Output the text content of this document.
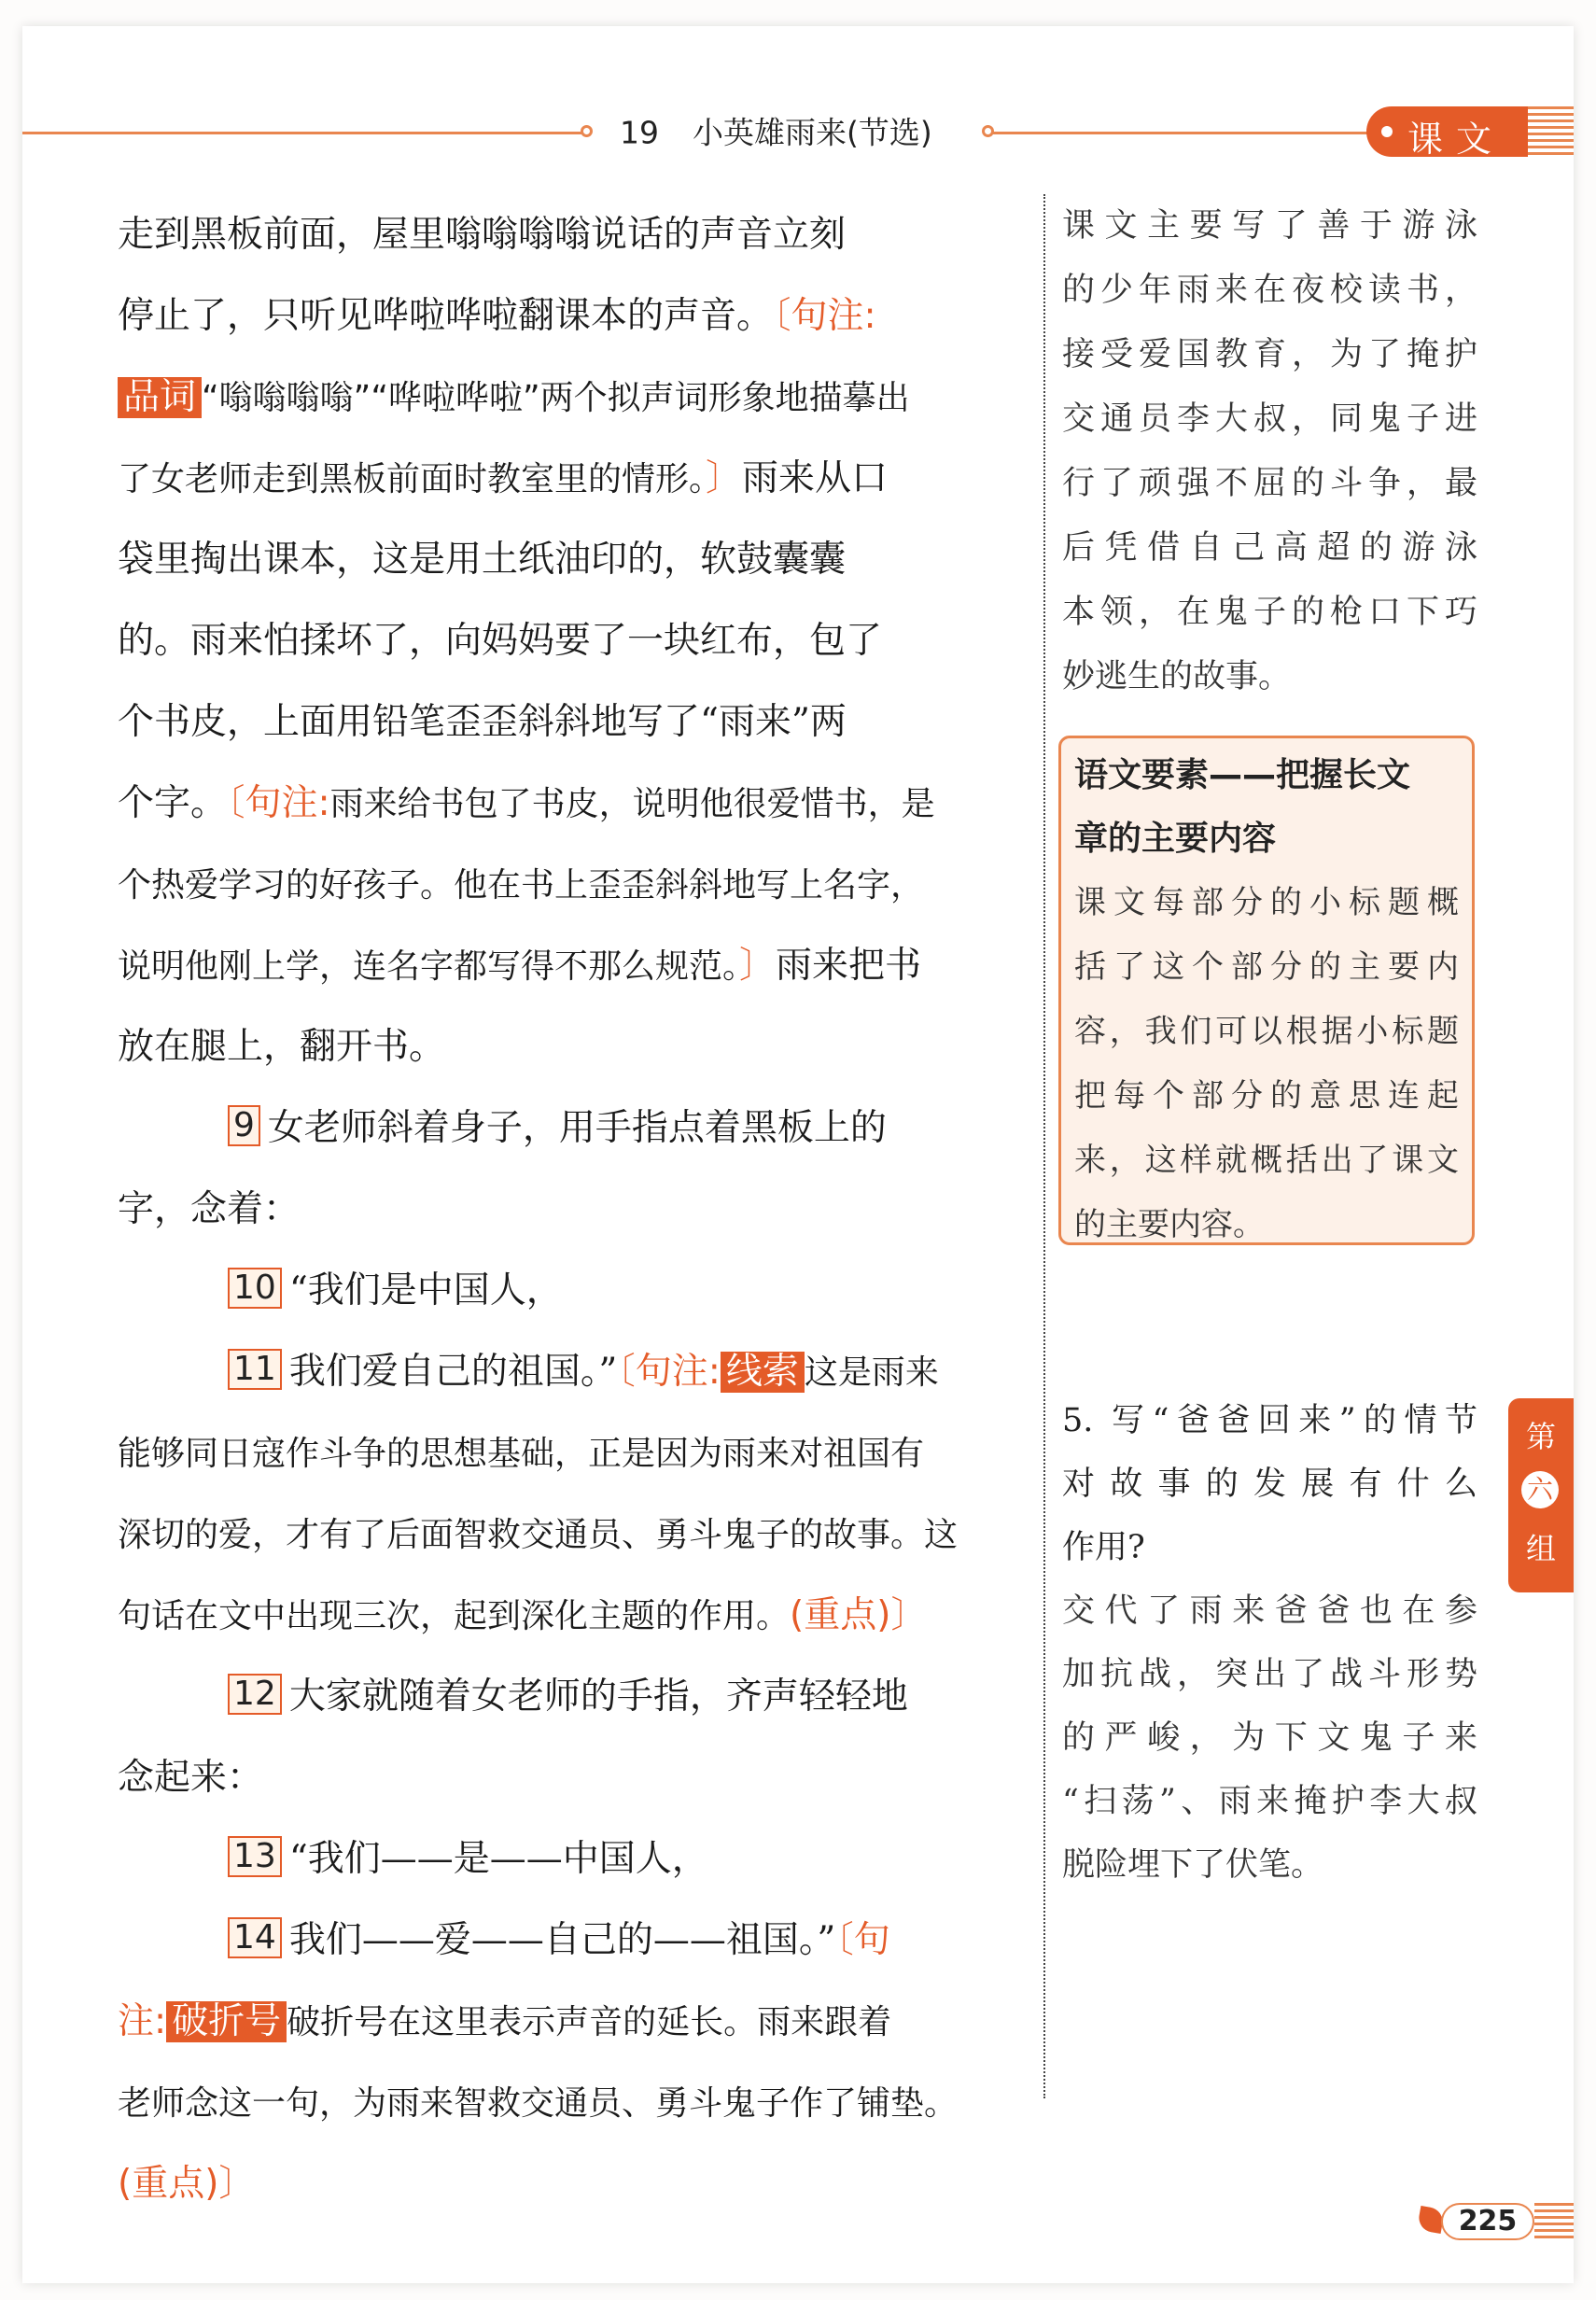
19 小英雄雨来(节选)	课文
走到黑板前面，屋里嗡嗡嗡嗡说话的声音立刻
停止了，只听见哗啦哗啦翻课本的声音。〔句注:
品词 “嗡嗡嗡嗡”“哗啦哗啦”两个拟声词形象地描摹出
了女老师走到黑板前面时教室里的情形。〕雨来从口
袋里掏出课本，这是用土纸油印的，软鼓囊囊
的。雨来怕揉坏了，向妈妈要了一块红布，包了
个书皮，上面用铅笔歪歪斜斜地写了“雨来”两
个字。〔句注:雨来给书包了书皮，说明他很爱惜书，是
个热爱学习的好孩子。他在书上歪歪斜斜地写上名字，
说明他刚上学，连名字都写得不那么规范。〕雨来把书
放在腿上，翻开书。
9 女老师斜着身子，用手指点着黑板上的
字，念着：
10 “我们是中国人，
11 我们爱自己的祖国。”〔句注: 线索 这是雨来
能够同日寇作斗争的思想基础，正是因为雨来对祖国有
深切的爱，才有了后面智救交通员、勇斗鬼子的故事。这
句话在文中出现三次，起到深化主题的作用。(重点)〕
12 大家就随着女老师的手指，齐声轻轻地
念起来：
13 “我们——是——中国人，
14 我们——爱——自己的——祖国。”〔句
注: 破折号 破折号在这里表示声音的延长。雨来跟着
老师念这一句，为雨来智救交通员、勇斗鬼子作了铺垫。
(重点)〕
课文主要写了善于游泳
的少年雨来在夜校读书，
接受爱国教育，为了掩护
交通员李大叔，同鬼子进
行了顽强不屈的斗争，最
后凭借自己高超的游泳
本领，在鬼子的枪口下巧
妙逃生的故事。
语文要素——把握长文
章的主要内容
课文每部分的小标题概
括了这个部分的主要内
容，我们可以根据小标题
把每个部分的意思连起
来，这样就概括出了课文
的主要内容。
5. 写“爸爸回来”的情节
对故事的发展有什么
作用?
交代了雨来爸爸也在参
加抗战，突出了战斗形势
的严峻，为下文鬼子来
“扫荡”、雨来掩护李大叔
脱险埋下了伏笔。
第
六
组
225
